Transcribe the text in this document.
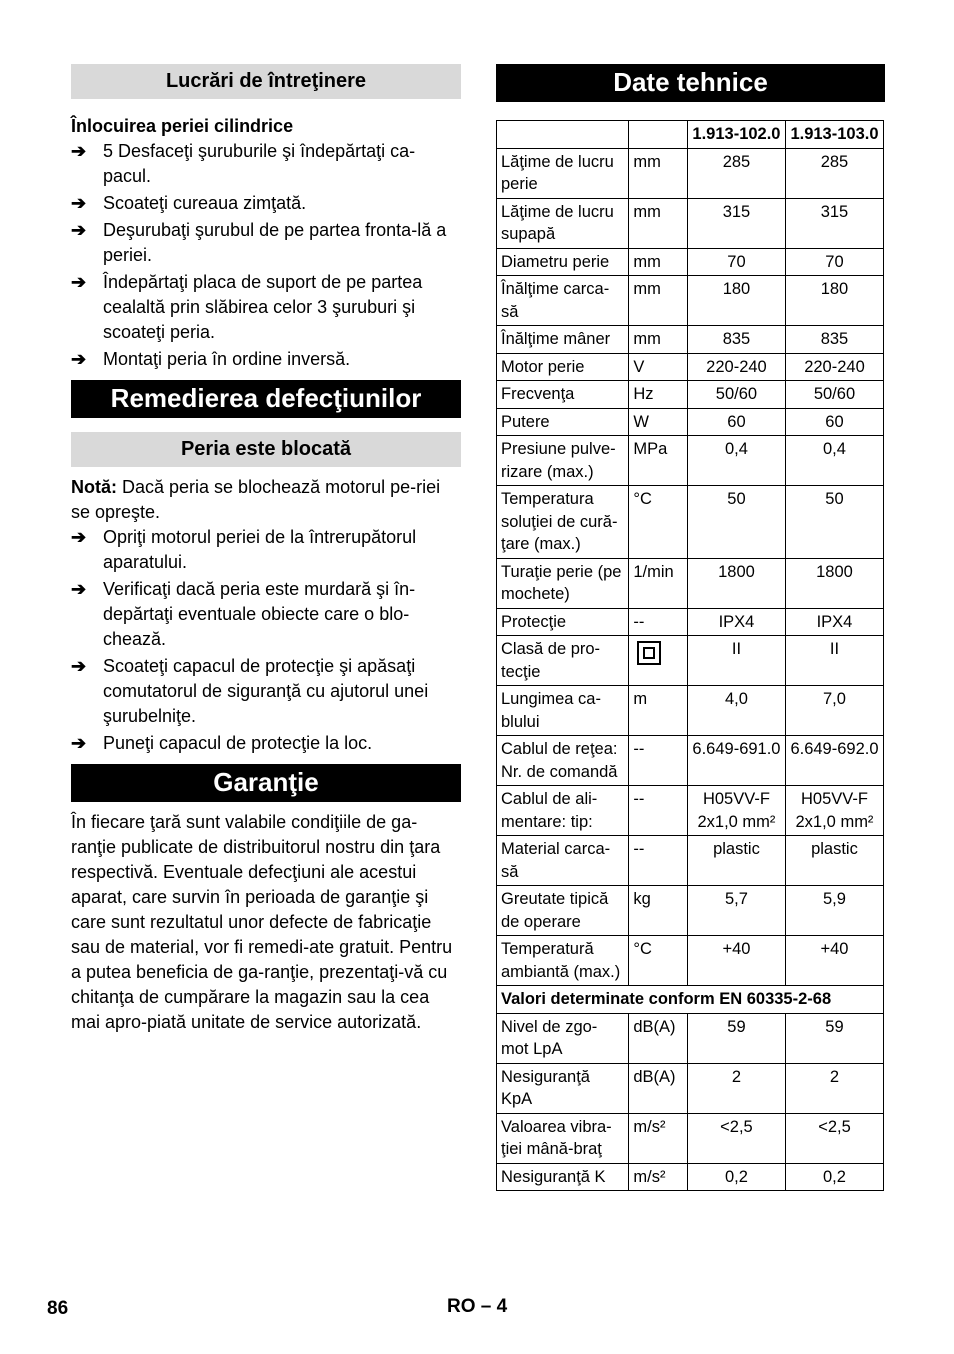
Lucrări de întreţinere
Înlocuirea periei cilindrice
➔ 5 Desfaceţi şuruburile şi îndepărtaţi ca-pacul.
➔ Scoateţi cureaua zimţată.
➔ Deşurubaţi şurubul de pe partea fronta-lă a periei.
➔ Îndepărtaţi placa de suport de pe partea cealaltă prin slăbirea celor 3 şuruburi şi scoateţi peria.
➔ Montaţi peria în ordine inversă.
Remedierea defecţiunilor
Peria este blocată
Notă: Dacă peria se blochează motorul pe-riei se opreşte.
➔ Opriţi motorul periei de la întrerupătorul aparatului.
➔ Verificaţi dacă peria este murdară şi în-depărtaţi eventuale obiecte care o blo-chează.
➔ Scoateţi capacul de protecţie şi apăsaţi comutatorul de siguranţă cu ajutorul unei şurubelniţe.
➔ Puneţi capacul de protecţie la loc.
Garanţie
În fiecare ţară sunt valabile condiţiile de ga-ranţie publicate de distribuitorul nostru din ţara respectivă. Eventuale defecţiuni ale acestui aparat, care survin în perioada de garanţie şi care sunt rezultatul unor defecte de fabricaţie sau de material, vor fi remedi-ate gratuit. Pentru a putea beneficia de ga-ranţie, prezentaţi-vă cu chitanţa de cumpărare la magazin sau la cea mai apro-piată unitate de service autorizată.
Date tehnice
		1.913-102.0	1.913-103.0
Lăţime de lucru perie	mm	285	285
Lăţime de lucru supapă	mm	315	315
Diametru perie	mm	70	70
Înălţime carca-să	mm	180	180
Înălţime mâner	mm	835	835
Motor perie	V	220-240	220-240
Frecvenţa	Hz	50/60	50/60
Putere	W	60	60
Presiune pulve-rizare (max.)	MPa	0,4	0,4
Temperatura soluţiei de cură-ţare (max.)	°C	50	50
Turaţie perie (pe mochete)	1/min	1800	1800
Protecţie	--	IPX4	IPX4
Clasă de pro-tecţie		II	II
Lungimea ca-blului	m	4,0	7,0
Cablul de reţea: Nr. de comandă	--	6.649-691.0	6.649-692.0
Cablul de ali-mentare: tip:	--	H05VV-F 2x1,0 mm²	H05VV-F 2x1,0 mm²
Material carca-să	--	plastic	plastic
Greutate tipică de operare	kg	5,7	5,9
Temperatură ambiantă (max.)	°C	+40	+40
Valori determinate conform EN 60335-2-68			
Nivel de zgo-mot LpA	dB(A)	59	59
Nesiguranţă KpA	dB(A)	2	2
Valoarea vibra-ţiei mână-braţ	m/s²	<2,5	<2,5
Nesiguranţă K	m/s²	0,2	0,2
86	RO – 4
